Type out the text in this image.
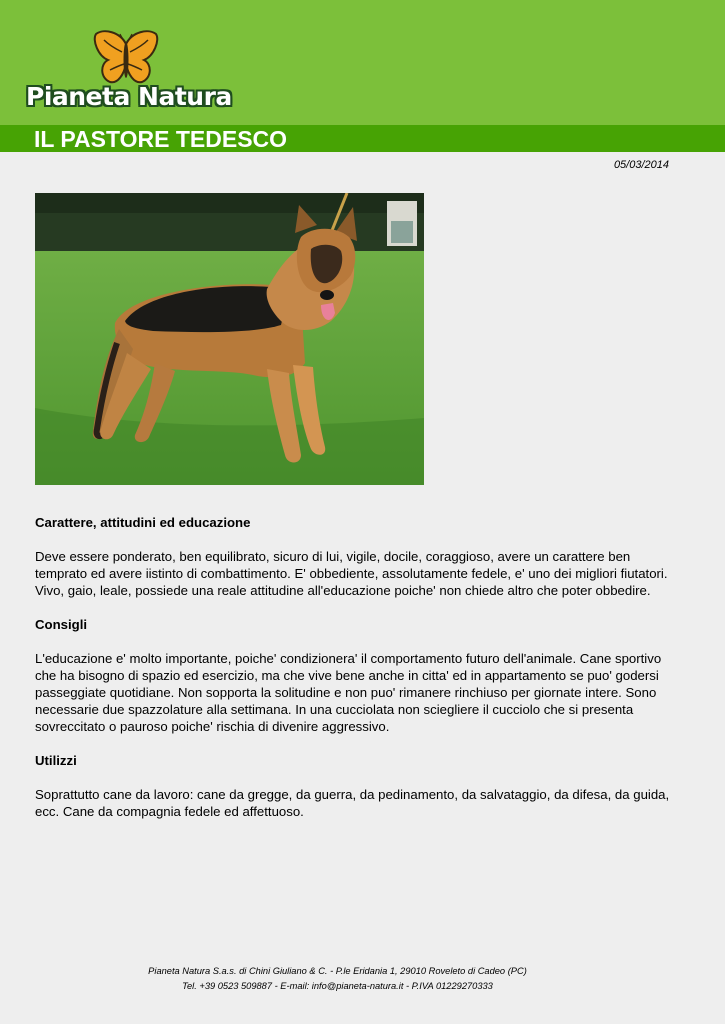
Pianeta Natura
IL PASTORE TEDESCO
05/03/2014
Carattere, attitudini ed educazione

Deve essere ponderato, ben equilibrato, sicuro di lui, vigile, docile, coraggioso, avere un carattere ben temprato ed avere iistinto di combattimento. E' obbediente, assolutamente fedele, e' uno dei migliori fiutatori. Vivo, gaio, leale, possiede una reale attitudine all'educazione poiche' non chiede altro che poter obbedire.

Consigli

L'educazione e' molto importante, poiche' condizionera' il comportamento futuro dell'animale. Cane sportivo che ha bisogno di spazio ed esercizio, ma che vive bene anche in citta' ed in appartamento se puo' godersi passeggiate quotidiane. Non sopporta la solitudine e non puo' rimanere rinchiuso per giornate intere. Sono necessarie due spazzolature alla settimana. In una cucciolata non sciegliere il cucciolo che si presenta sovreccitato o pauroso poiche' rischia di divenire aggressivo.

Utilizzi

Soprattutto cane da lavoro: cane da gregge, da guerra, da pedinamento, da salvataggio, da difesa, da guida, ecc. Cane da compagnia fedele ed affettuoso.

Pianeta Natura S.a.s. di Chini Giuliano & C. - P.le Eridania 1, 29010 Roveleto di Cadeo (PC)
Tel. +39 0523 509887 - E-mail: info@pianeta-natura.it - P.IVA 01229270333
